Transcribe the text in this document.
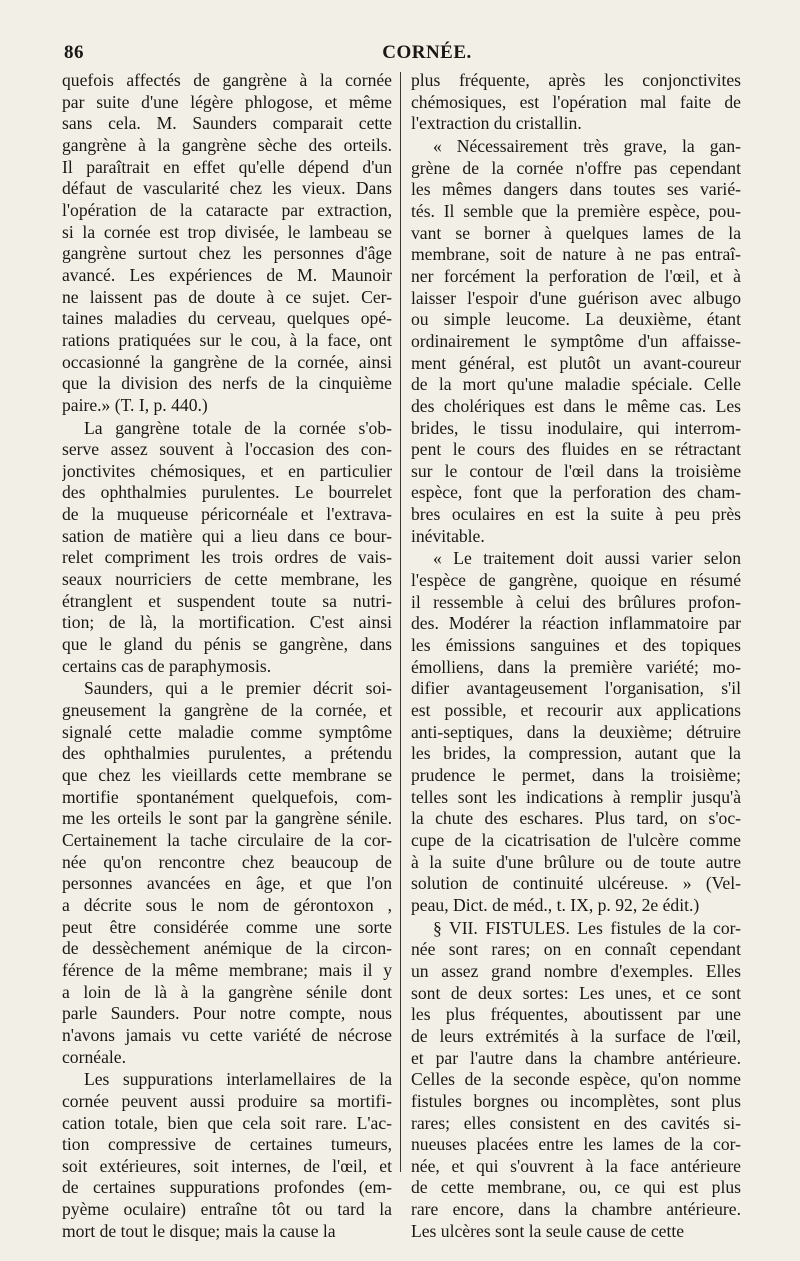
86	CORNÉE.
quefois affectés de gangrène à la cornée
par suite d'une légère phlogose, et même
sans cela. M. Saunders comparait cette
gangrène à la gangrène sèche des orteils.
Il paraîtrait en effet qu'elle dépend d'un
défaut de vascularité chez les vieux. Dans
l'opération de la cataracte par extraction,
si la cornée est trop divisée, le lambeau se
gangrène surtout chez les personnes d'âge
avancé. Les expériences de M. Maunoir
ne laissent pas de doute à ce sujet. Cer-
taines maladies du cerveau, quelques opé-
rations pratiquées sur le cou, à la face, ont
occasionné la gangrène de la cornée, ainsi
que la division des nerfs de la cinquième
paire.» (T. I, p. 440.)
La gangrène totale de la cornée s'ob-
serve assez souvent à l'occasion des con-
jonctivites chémosiques, et en particulier
des ophthalmies purulentes. Le bourrelet
de la muqueuse péricornéale et l'extrava-
sation de matière qui a lieu dans ce bour-
relet compriment les trois ordres de vais-
seaux nourriciers de cette membrane, les
étranglent et suspendent toute sa nutri-
tion; de là, la mortification. C'est ainsi
que le gland du pénis se gangrène, dans
certains cas de paraphymosis.
Saunders, qui a le premier décrit soi-
gneusement la gangrène de la cornée, et
signalé cette maladie comme symptôme
des ophthalmies purulentes, a prétendu
que chez les vieillards cette membrane se
mortifie spontanément quelquefois, com-
me les orteils le sont par la gangrène sénile.
Certainement la tache circulaire de la cor-
née qu'on rencontre chez beaucoup de
personnes avancées en âge, et que l'on
a décrite sous le nom de gérontoxon ,
peut être considérée comme une sorte
de dessèchement anémique de la circon-
férence de la même membrane; mais il y
a loin de là à la gangrène sénile dont
parle Saunders. Pour notre compte, nous
n'avons jamais vu cette variété de nécrose
cornéale.
Les suppurations interlamellaires de la
cornée peuvent aussi produire sa mortifi-
cation totale, bien que cela soit rare. L'ac-
tion compressive de certaines tumeurs,
soit extérieures, soit internes, de l'œil, et
de certaines suppurations profondes (em-
pyème oculaire) entraîne tôt ou tard la
mort de tout le disque; mais la cause la
plus fréquente, après les conjonctivites
chémosiques, est l'opération mal faite de
l'extraction du cristallin.
« Nécessairement très grave, la gan-
grène de la cornée n'offre pas cependant
les mêmes dangers dans toutes ses varié-
tés. Il semble que la première espèce, pou-
vant se borner à quelques lames de la
membrane, soit de nature à ne pas entraî-
ner forcément la perforation de l'œil, et à
laisser l'espoir d'une guérison avec albugo
ou simple leucome. La deuxième, étant
ordinairement le symptôme d'un affaisse-
ment général, est plutôt un avant-coureur
de la mort qu'une maladie spéciale. Celle
des cholériques est dans le même cas. Les
brides, le tissu inodulaire, qui interrom-
pent le cours des fluides en se rétractant
sur le contour de l'œil dans la troisième
espèce, font que la perforation des cham-
bres oculaires en est la suite à peu près
inévitable.
« Le traitement doit aussi varier selon
l'espèce de gangrène, quoique en résumé
il ressemble à celui des brûlures profon-
des. Modérer la réaction inflammatoire par
les émissions sanguines et des topiques
émolliens, dans la première variété; mo-
difier avantageusement l'organisation, s'il
est possible, et recourir aux applications
anti-septiques, dans la deuxième; détruire
les brides, la compression, autant que la
prudence le permet, dans la troisième;
telles sont les indications à remplir jusqu'à
la chute des eschares. Plus tard, on s'oc-
cupe de la cicatrisation de l'ulcère comme
à la suite d'une brûlure ou de toute autre
solution de continuité ulcéreuse. » (Vel-
peau, Dict. de méd., t. IX, p. 92, 2e édit.)
§ VII. FISTULES. Les fistules de la cor-
née sont rares; on en connaît cependant
un assez grand nombre d'exemples. Elles
sont de deux sortes: Les unes, et ce sont
les plus fréquentes, aboutissent par une
de leurs extrémités à la surface de l'œil,
et par l'autre dans la chambre antérieure.
Celles de la seconde espèce, qu'on nomme
fistules borgnes ou incomplètes, sont plus
rares; elles consistent en des cavités si-
nueuses placées entre les lames de la cor-
née, et qui s'ouvrent à la face antérieure
de cette membrane, ou, ce qui est plus
rare encore, dans la chambre antérieure.
Les ulcères sont la seule cause de cette
